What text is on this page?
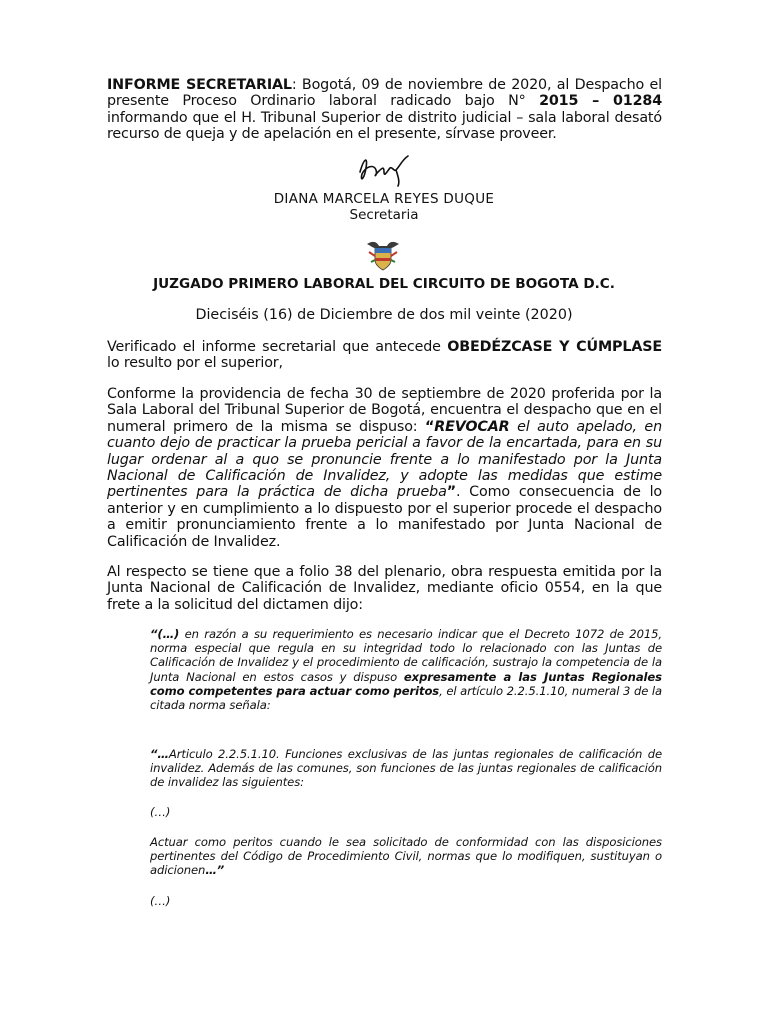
INFORME SECRETARIAL: Bogotá, 09 de noviembre de 2020, al Despacho el presente Proceso Ordinario laboral radicado bajo N° 2015 – 01284 informando que el H. Tribunal Superior de distrito judicial – sala laboral desató recurso de queja y de apelación en el presente, sírvase proveer.
DIANA MARCELA REYES DUQUE
Secretaria
JUZGADO PRIMERO LABORAL DEL CIRCUITO DE BOGOTA D.C.
Dieciséis (16) de Diciembre de dos mil veinte (2020)
Verificado el informe secretarial que antecede OBEDÉZCASE Y CÚMPLASE lo resulto por el superior,
Conforme la providencia de fecha 30 de septiembre de 2020 proferida por la Sala Laboral del Tribunal Superior de Bogotá, encuentra el despacho que en el numeral primero de la misma se dispuso: “REVOCAR el auto apelado, en cuanto dejo de practicar la prueba pericial a favor de la encartada, para en su lugar ordenar al a quo se pronuncie frente a lo manifestado por la Junta Nacional de Calificación de Invalidez, y adopte las medidas que estime pertinentes para la práctica de dicha prueba”. Como consecuencia de lo anterior y en cumplimiento a lo dispuesto por el superior procede el despacho a emitir pronunciamiento frente a lo manifestado por Junta Nacional de Calificación de Invalidez.
Al respecto se tiene que a folio 38 del plenario, obra respuesta emitida por la Junta Nacional de Calificación de Invalidez, mediante oficio 0554, en la que frete a la solicitud del dictamen dijo:
“(…) en razón a su requerimiento es necesario indicar que el Decreto 1072 de 2015, norma especial que regula en su integridad todo lo relacionado con las Juntas de Calificación de Invalidez y el procedimiento de calificación, sustrajo la competencia de la Junta Nacional en estos casos y dispuso expresamente a las Juntas Regionales como competentes para actuar como peritos, el artículo 2.2.5.1.10, numeral 3 de la citada norma señala:
“…Articulo 2.2.5.1.10. Funciones exclusivas de las juntas regionales de calificación de invalidez. Además de las comunes, son funciones de las juntas regionales de calificación de invalidez las siguientes:
(…)
Actuar como peritos cuando le sea solicitado de conformidad con las disposiciones pertinentes del Código de Procedimiento Civil, normas que lo modifiquen, sustituyan o adicionen…”
(…)
